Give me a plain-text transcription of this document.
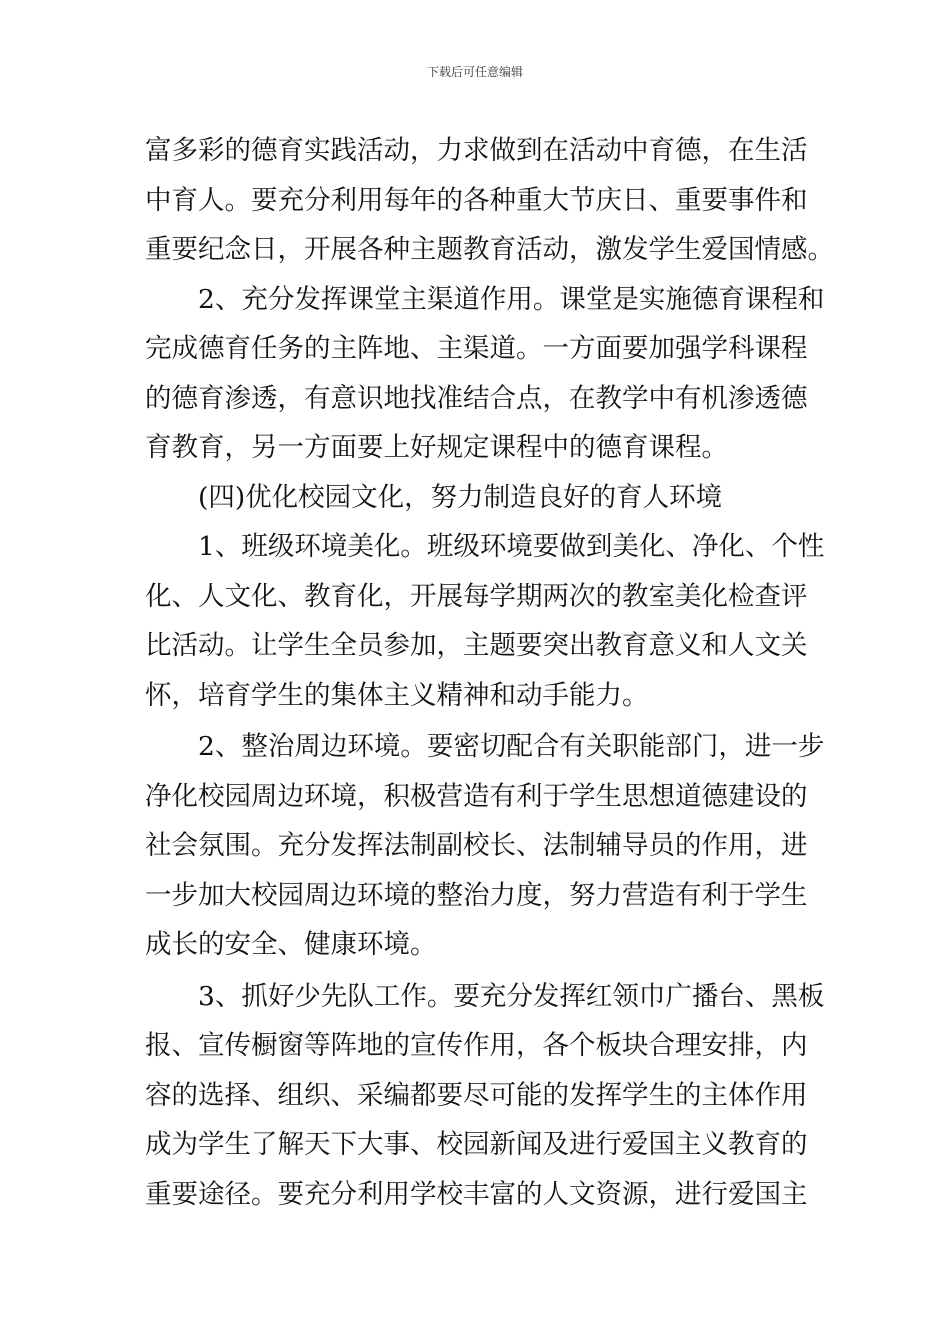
下载后可任意编辑
富多彩的德育实践活动，力求做到在活动中育德，在生活
中育人。要充分利用每年的各种重大节庆日、重要事件和
重要纪念日，开展各种主题教育活动，激发学生爱国情感。
2、充分发挥课堂主渠道作用。课堂是实施德育课程和
完成德育任务的主阵地、主渠道。一方面要加强学科课程
的德育渗透，有意识地找准结合点，在教学中有机渗透德
育教育，另一方面要上好规定课程中的德育课程。
(四)优化校园文化，努力制造良好的育人环境
1、班级环境美化。班级环境要做到美化、净化、个性
化、人文化、教育化，开展每学期两次的教室美化检查评
比活动。让学生全员参加，主题要突出教育意义和人文关
怀，培育学生的集体主义精神和动手能力。
2、整治周边环境。要密切配合有关职能部门，进一步
净化校园周边环境，积极营造有利于学生思想道德建设的
社会氛围。充分发挥法制副校长、法制辅导员的作用，进
一步加大校园周边环境的整治力度，努力营造有利于学生
成长的安全、健康环境。
3、抓好少先队工作。要充分发挥红领巾广播台、黑板
报、宣传橱窗等阵地的宣传作用，各个板块合理安排，内
容的选择、组织、采编都要尽可能的发挥学生的主体作用
成为学生了解天下大事、校园新闻及进行爱国主义教育的
重要途径。要充分利用学校丰富的人文资源，进行爱国主
